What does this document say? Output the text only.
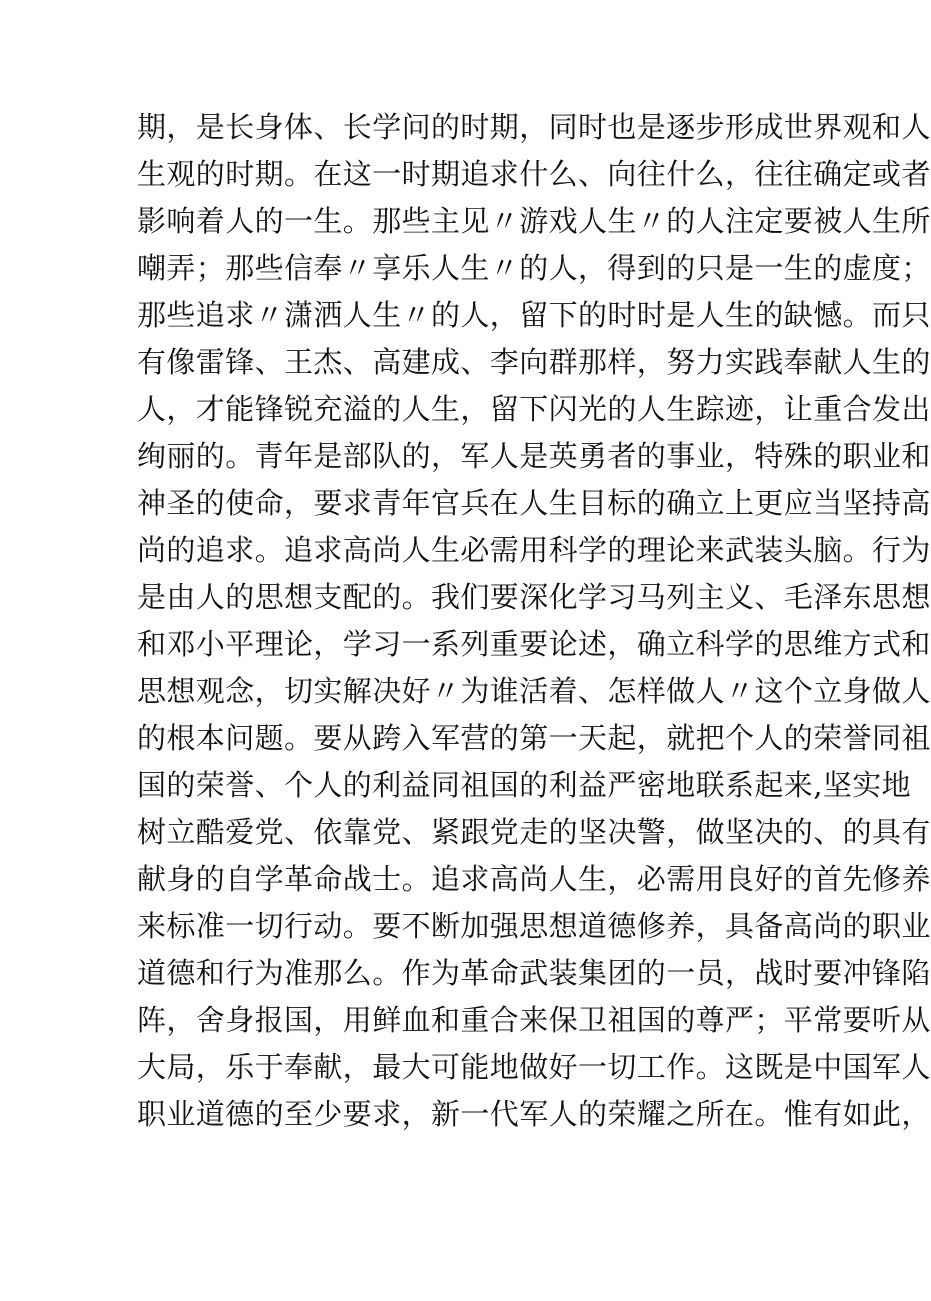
期，是长身体、长学问的时期，同时也是逐步形成世界观和人
生观的时期。在这一时期追求什么、向往什么，往往确定或者
影响着人的一生。那些主见〃游戏人生〃的人注定要被人生所
嘲弄；那些信奉〃享乐人生〃的人，得到的只是一生的虚度；
那些追求〃潇洒人生〃的人，留下的时时是人生的缺憾。而只
有像雷锋、王杰、高建成、李向群那样，努力实践奉献人生的
人，才能锋锐充溢的人生，留下闪光的人生踪迹，让重合发出
绚丽的。青年是部队的，军人是英勇者的事业，特殊的职业和
神圣的使命，要求青年官兵在人生目标的确立上更应当坚持高
尚的追求。追求高尚人生必需用科学的理论来武装头脑。行为
是由人的思想支配的。我们要深化学习马列主义、毛泽东思想
和邓小平理论，学习一系列重要论述，确立科学的思维方式和
思想观念，切实解决好〃为谁活着、怎样做人〃这个立身做人
的根本问题。要从跨入军营的第一天起，就把个人的荣誉同祖
国的荣誉、个人的利益同祖国的利益严密地联系起来,坚实地
树立酷爱党、依靠党、紧跟党走的坚决警，做坚决的、的具有
献身的自学革命战士。追求高尚人生，必需用良好的首先修养
来标准一切行动。要不断加强思想道德修养，具备高尚的职业
道德和行为准那么。作为革命武装集团的一员，战时要冲锋陷
阵，舍身报国，用鲜血和重合来保卫祖国的尊严；平常要听从
大局，乐于奉献，最大可能地做好一切工作。这既是中国军人
职业道德的至少要求，新一代军人的荣耀之所在。惟有如此，
